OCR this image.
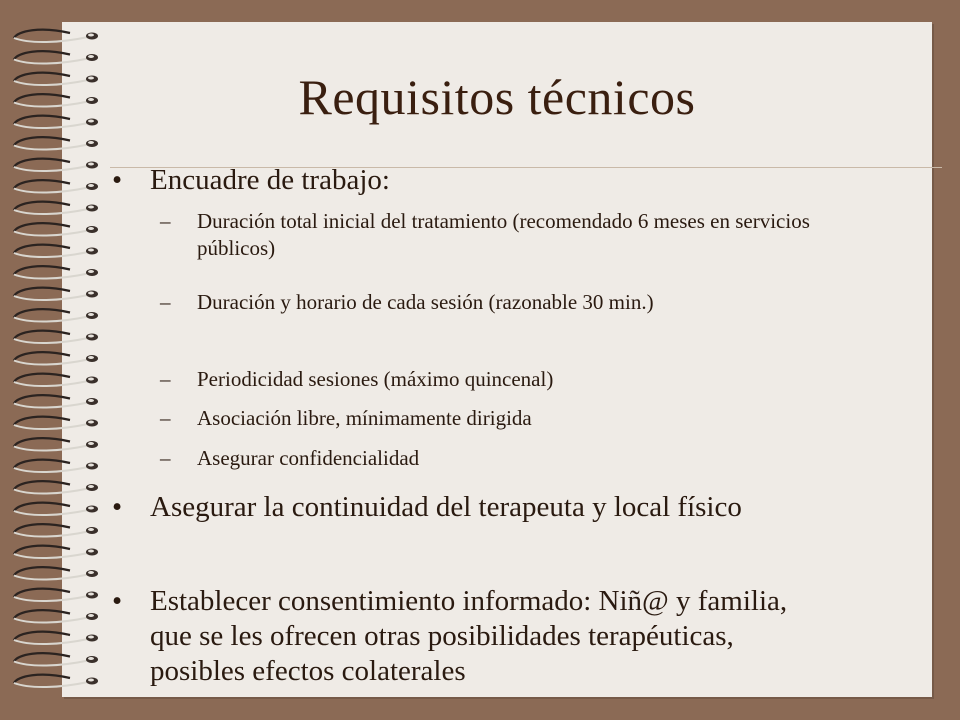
Requisitos técnicos
• Encuadre de trabajo:
– Duración total inicial del tratamiento (recomendado 6 meses en servicios públicos)
– Duración y horario de cada sesión (razonable 30 min.)
– Periodicidad sesiones (máximo quincenal)
– Asociación libre, mínimamente dirigida
– Asegurar confidencialidad
• Asegurar la continuidad del terapeuta y local físico
• Establecer consentimiento informado: Niñ@ y familia, que se les ofrecen otras posibilidades terapéuticas, posibles efectos colaterales
